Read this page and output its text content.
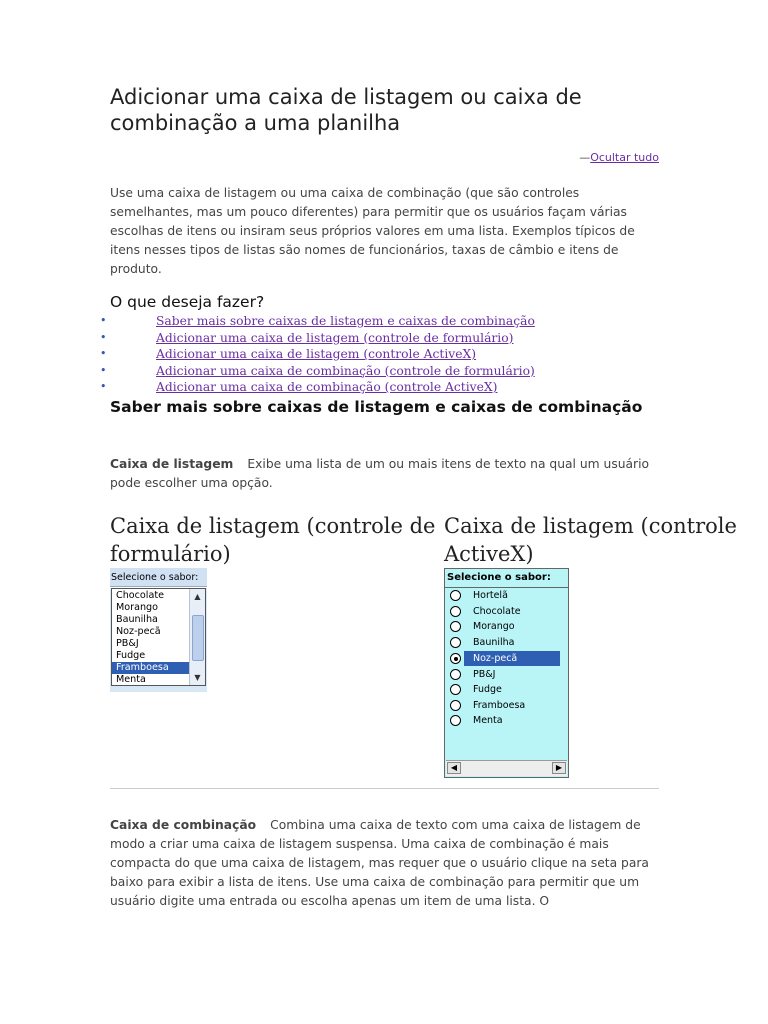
Adicionar uma caixa de listagem ou caixa de combinação a uma planilha
—Ocultar tudo

Use uma caixa de listagem ou uma caixa de combinação (que são controles semelhantes, mas um pouco diferentes) para permitir que os usuários façam várias escolhas de itens ou insiram seus próprios valores em uma lista. Exemplos típicos de itens nesses tipos de listas são nomes de funcionários, taxas de câmbio e itens de produto.

O que deseja fazer?
•	Saber mais sobre caixas de listagem e caixas de combinação
•	Adicionar uma caixa de listagem (controle de formulário)
•	Adicionar uma caixa de listagem (controle ActiveX)
•	Adicionar uma caixa de combinação (controle de formulário)
•	Adicionar uma caixa de combinação (controle ActiveX)
Saber mais sobre caixas de listagem e caixas de combinação

Caixa de listagem Exibe uma lista de um ou mais itens de texto na qual um usuário pode escolher uma opção.

Caixa de combinação Combina uma caixa de texto com uma caixa de listagem de modo a criar uma caixa de listagem suspensa. Uma caixa de combinação é mais compacta do que uma caixa de listagem, mas requer que o usuário clique na seta para baixo para exibir a lista de itens. Use uma caixa de combinação para permitir que um usuário digite uma entrada ou escolha apenas um item de uma lista. O

Caixa de listagem (controle de formulário)
Caixa de listagem (controle ActiveX)
Selecione o sabor:
Chocolate
Morango
Baunilha
Noz-pecã
PB&J
Fudge
Framboesa
Menta
▲
▼
Selecione o sabor:
Hortelã
Chocolate
Morango
Baunilha
Noz-pecã
PB&J
Fudge
Framboesa
Menta
◀	▶
